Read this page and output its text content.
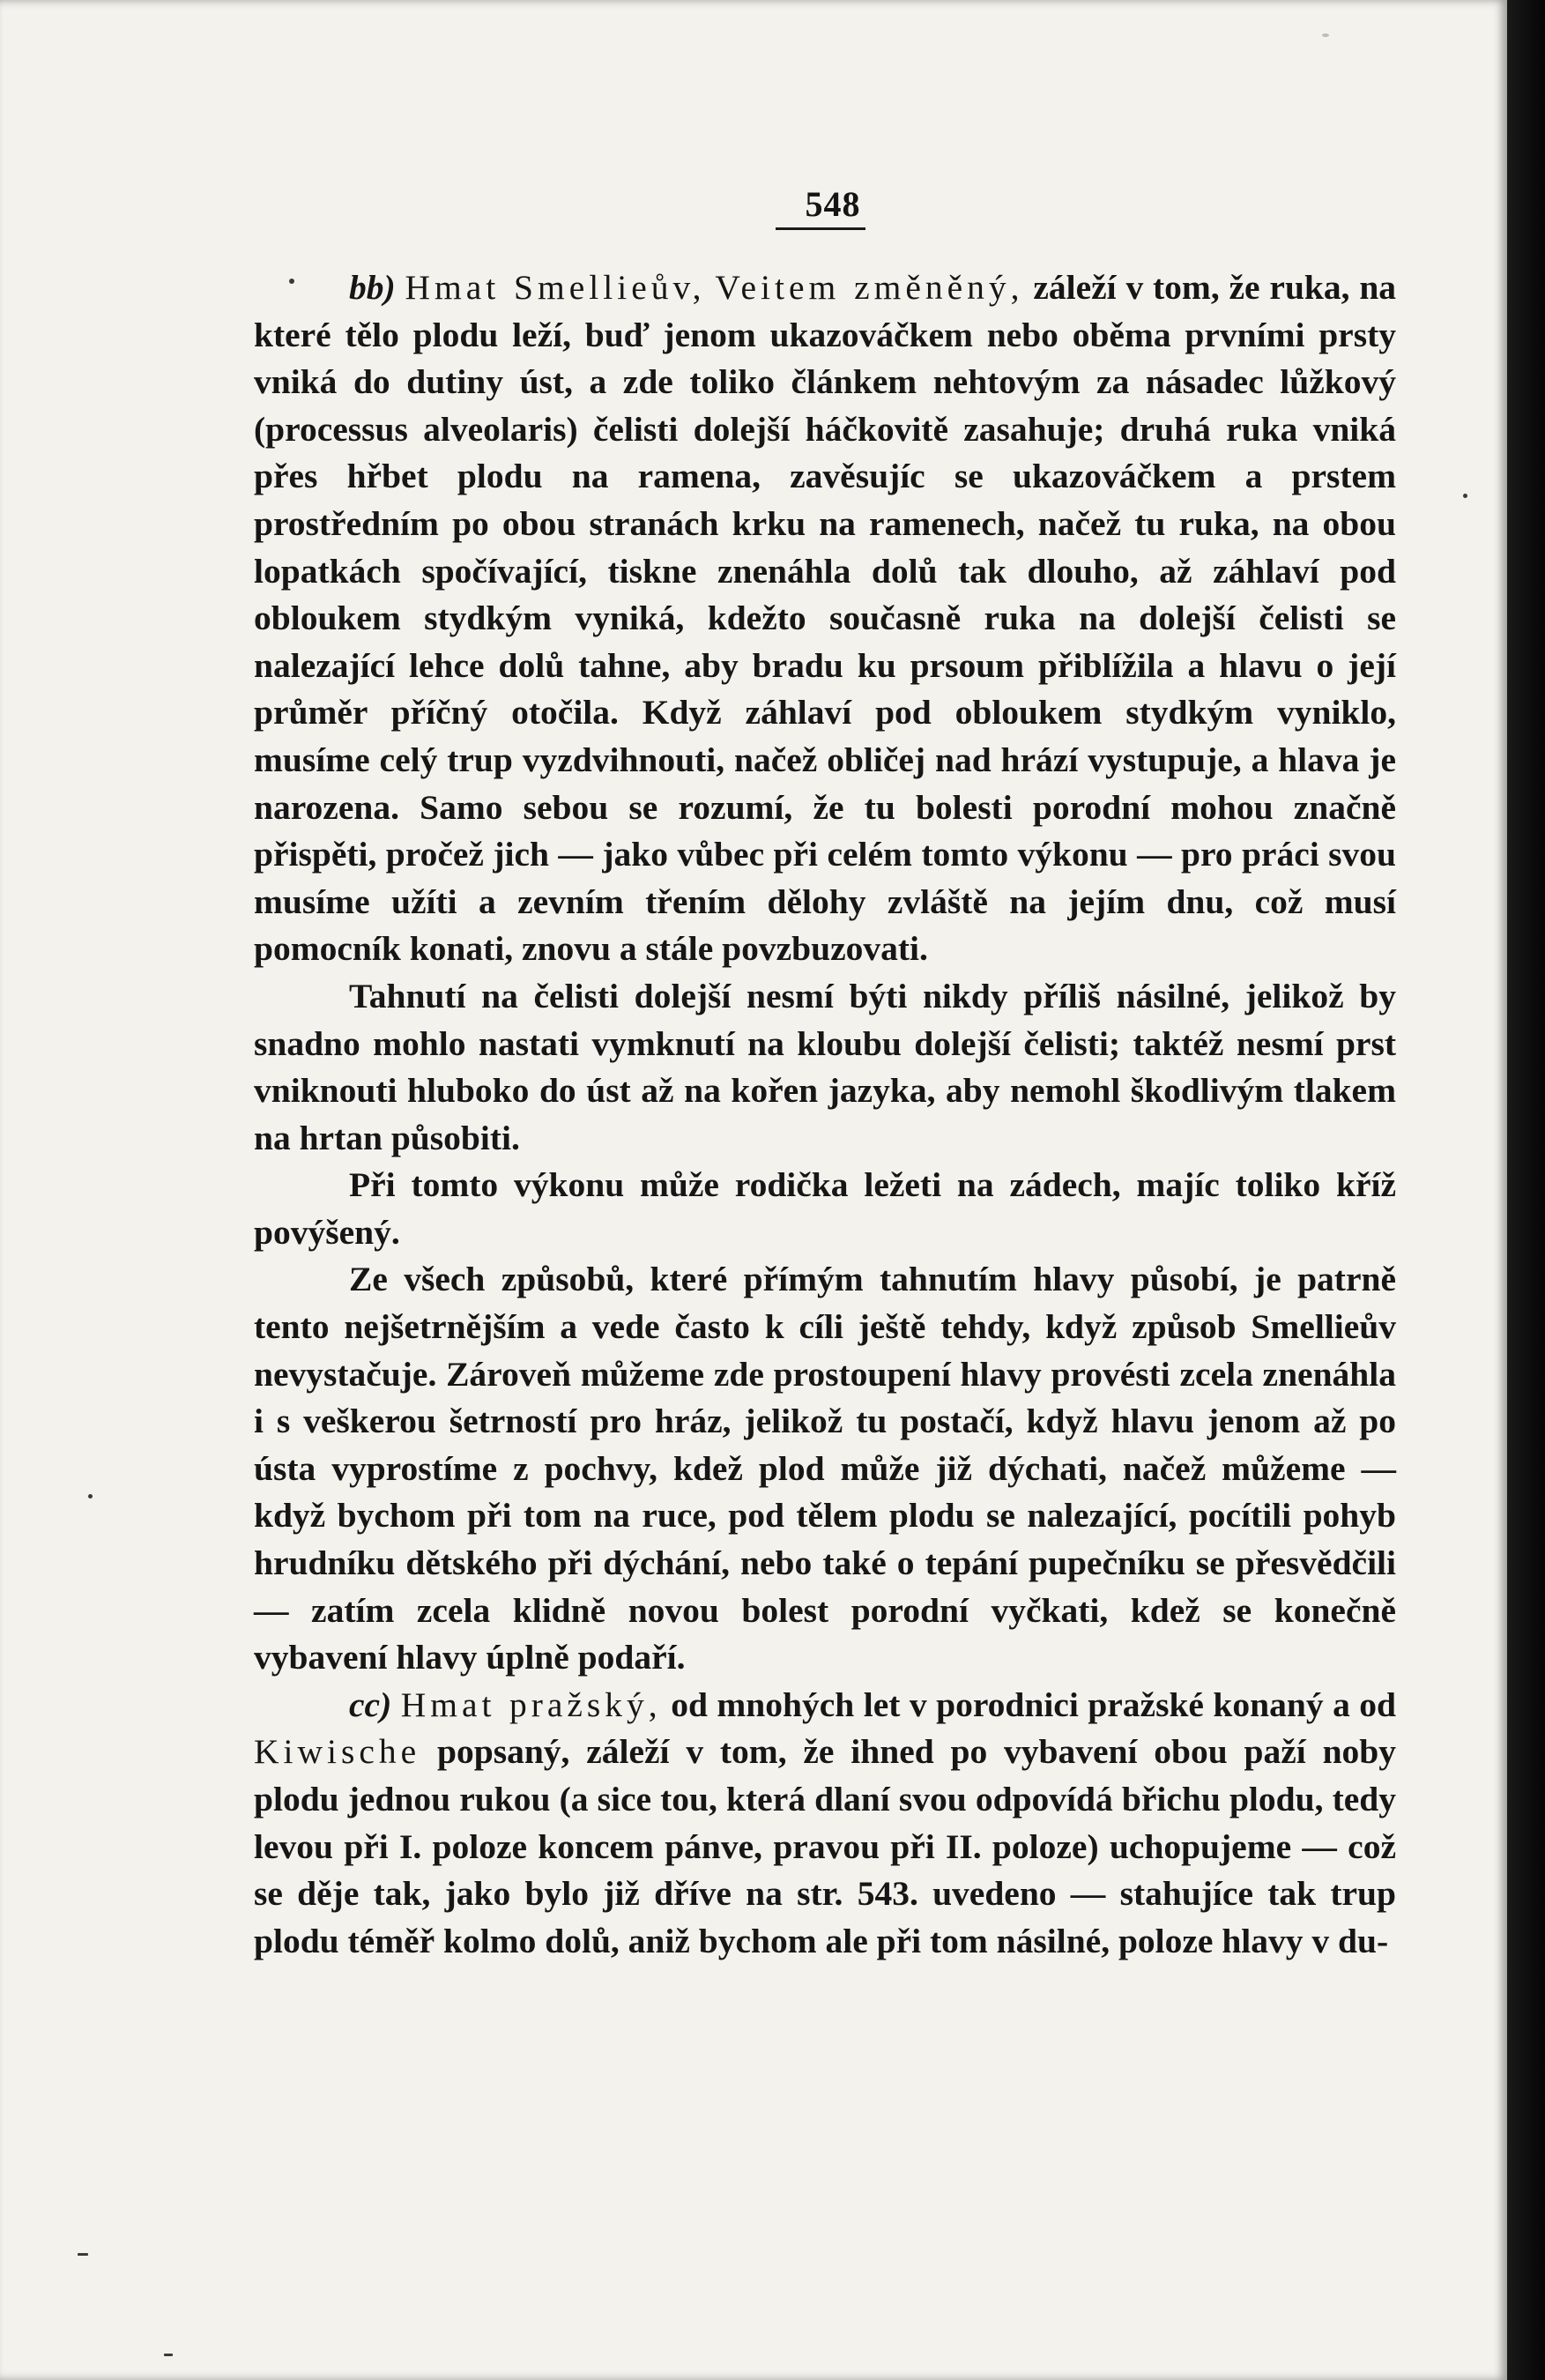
548

bb) Hmat Smellieův, Veitem změněný, záleží v tom, že ruka, na které tělo plodu leží, buď jenom ukazováčkem nebo oběma prvními prsty vniká do dutiny úst, a zde toliko článkem nehtovým za násadec lůžkový (processus alveolaris) čelisti dolejší háčkovitě zasahuje; druhá ruka vniká přes hřbet plodu na ramena, zavěsujíc se ukazováčkem a prstem prostředním po obou stranách krku na ramenech, načež tu ruka, na obou lopatkách spočívající, tiskne znenáhla dolů tak dlouho, až záhlaví pod obloukem stydkým vyniká, kdežto současně ruka na dolejší čelisti se nalezající lehce dolů tahne, aby bradu ku prsoum přiblížila a hlavu o její průměr příčný otočila. Když záhlaví pod obloukem stydkým vyniklo, musíme celý trup vyzdvihnouti, načež obličej nad hrází vystupuje, a hlava je narozena. Samo sebou se rozumí, že tu bolesti porodní mohou značně přispěti, pročež jich — jako vůbec při celém tomto výkonu — pro práci svou musíme užíti a zevním třením dělohy zvláště na jejím dnu, což musí pomocník konati, znovu a stále povzbuzovati.

Tahnutí na čelisti dolejší nesmí býti nikdy příliš násilné, jelikož by snadno mohlo nastati vymknutí na kloubu dolejší čelisti; taktéž nesmí prst vniknouti hluboko do úst až na kořen jazyka, aby nemohl škodlivým tlakem na hrtan působiti.

Při tomto výkonu může rodička ležeti na zádech, majíc toliko kříž povýšený.

Ze všech způsobů, které přímým tahnutím hlavy působí, je patrně tento nejšetrnějším a vede často k cíli ještě tehdy, když způsob Smellieův nevystačuje. Zároveň můžeme zde prostoupení hlavy provésti zcela znenáhla i s veškerou šetrností pro hráz, jelikož tu postačí, když hlavu jenom až po ústa vyprostíme z pochvy, kdež plod může již dýchati, načež můžeme — když bychom při tom na ruce, pod tělem plodu se nalezající, pocítili pohyb hrudníku dětského při dýchání, nebo také o tepání pupečníku se přesvědčili — zatím zcela klidně novou bolest porodní vyčkati, kdež se konečně vybavení hlavy úplně podaří.

cc) Hmat pražský, od mnohých let v porodnici pražské konaný a od Kiwische popsaný, záleží v tom, že ihned po vybavení obou paží noby plodu jednou rukou (a sice tou, která dlaní svou odpovídá břichu plodu, tedy levou při I. poloze koncem pánve, pravou při II. poloze) uchopujeme — což se děje tak, jako bylo již dříve na str. 543. uvedeno — stahujíce tak trup plodu téměř kolmo dolů, aniž bychom ale při tom násilné, poloze hlavy v du-
